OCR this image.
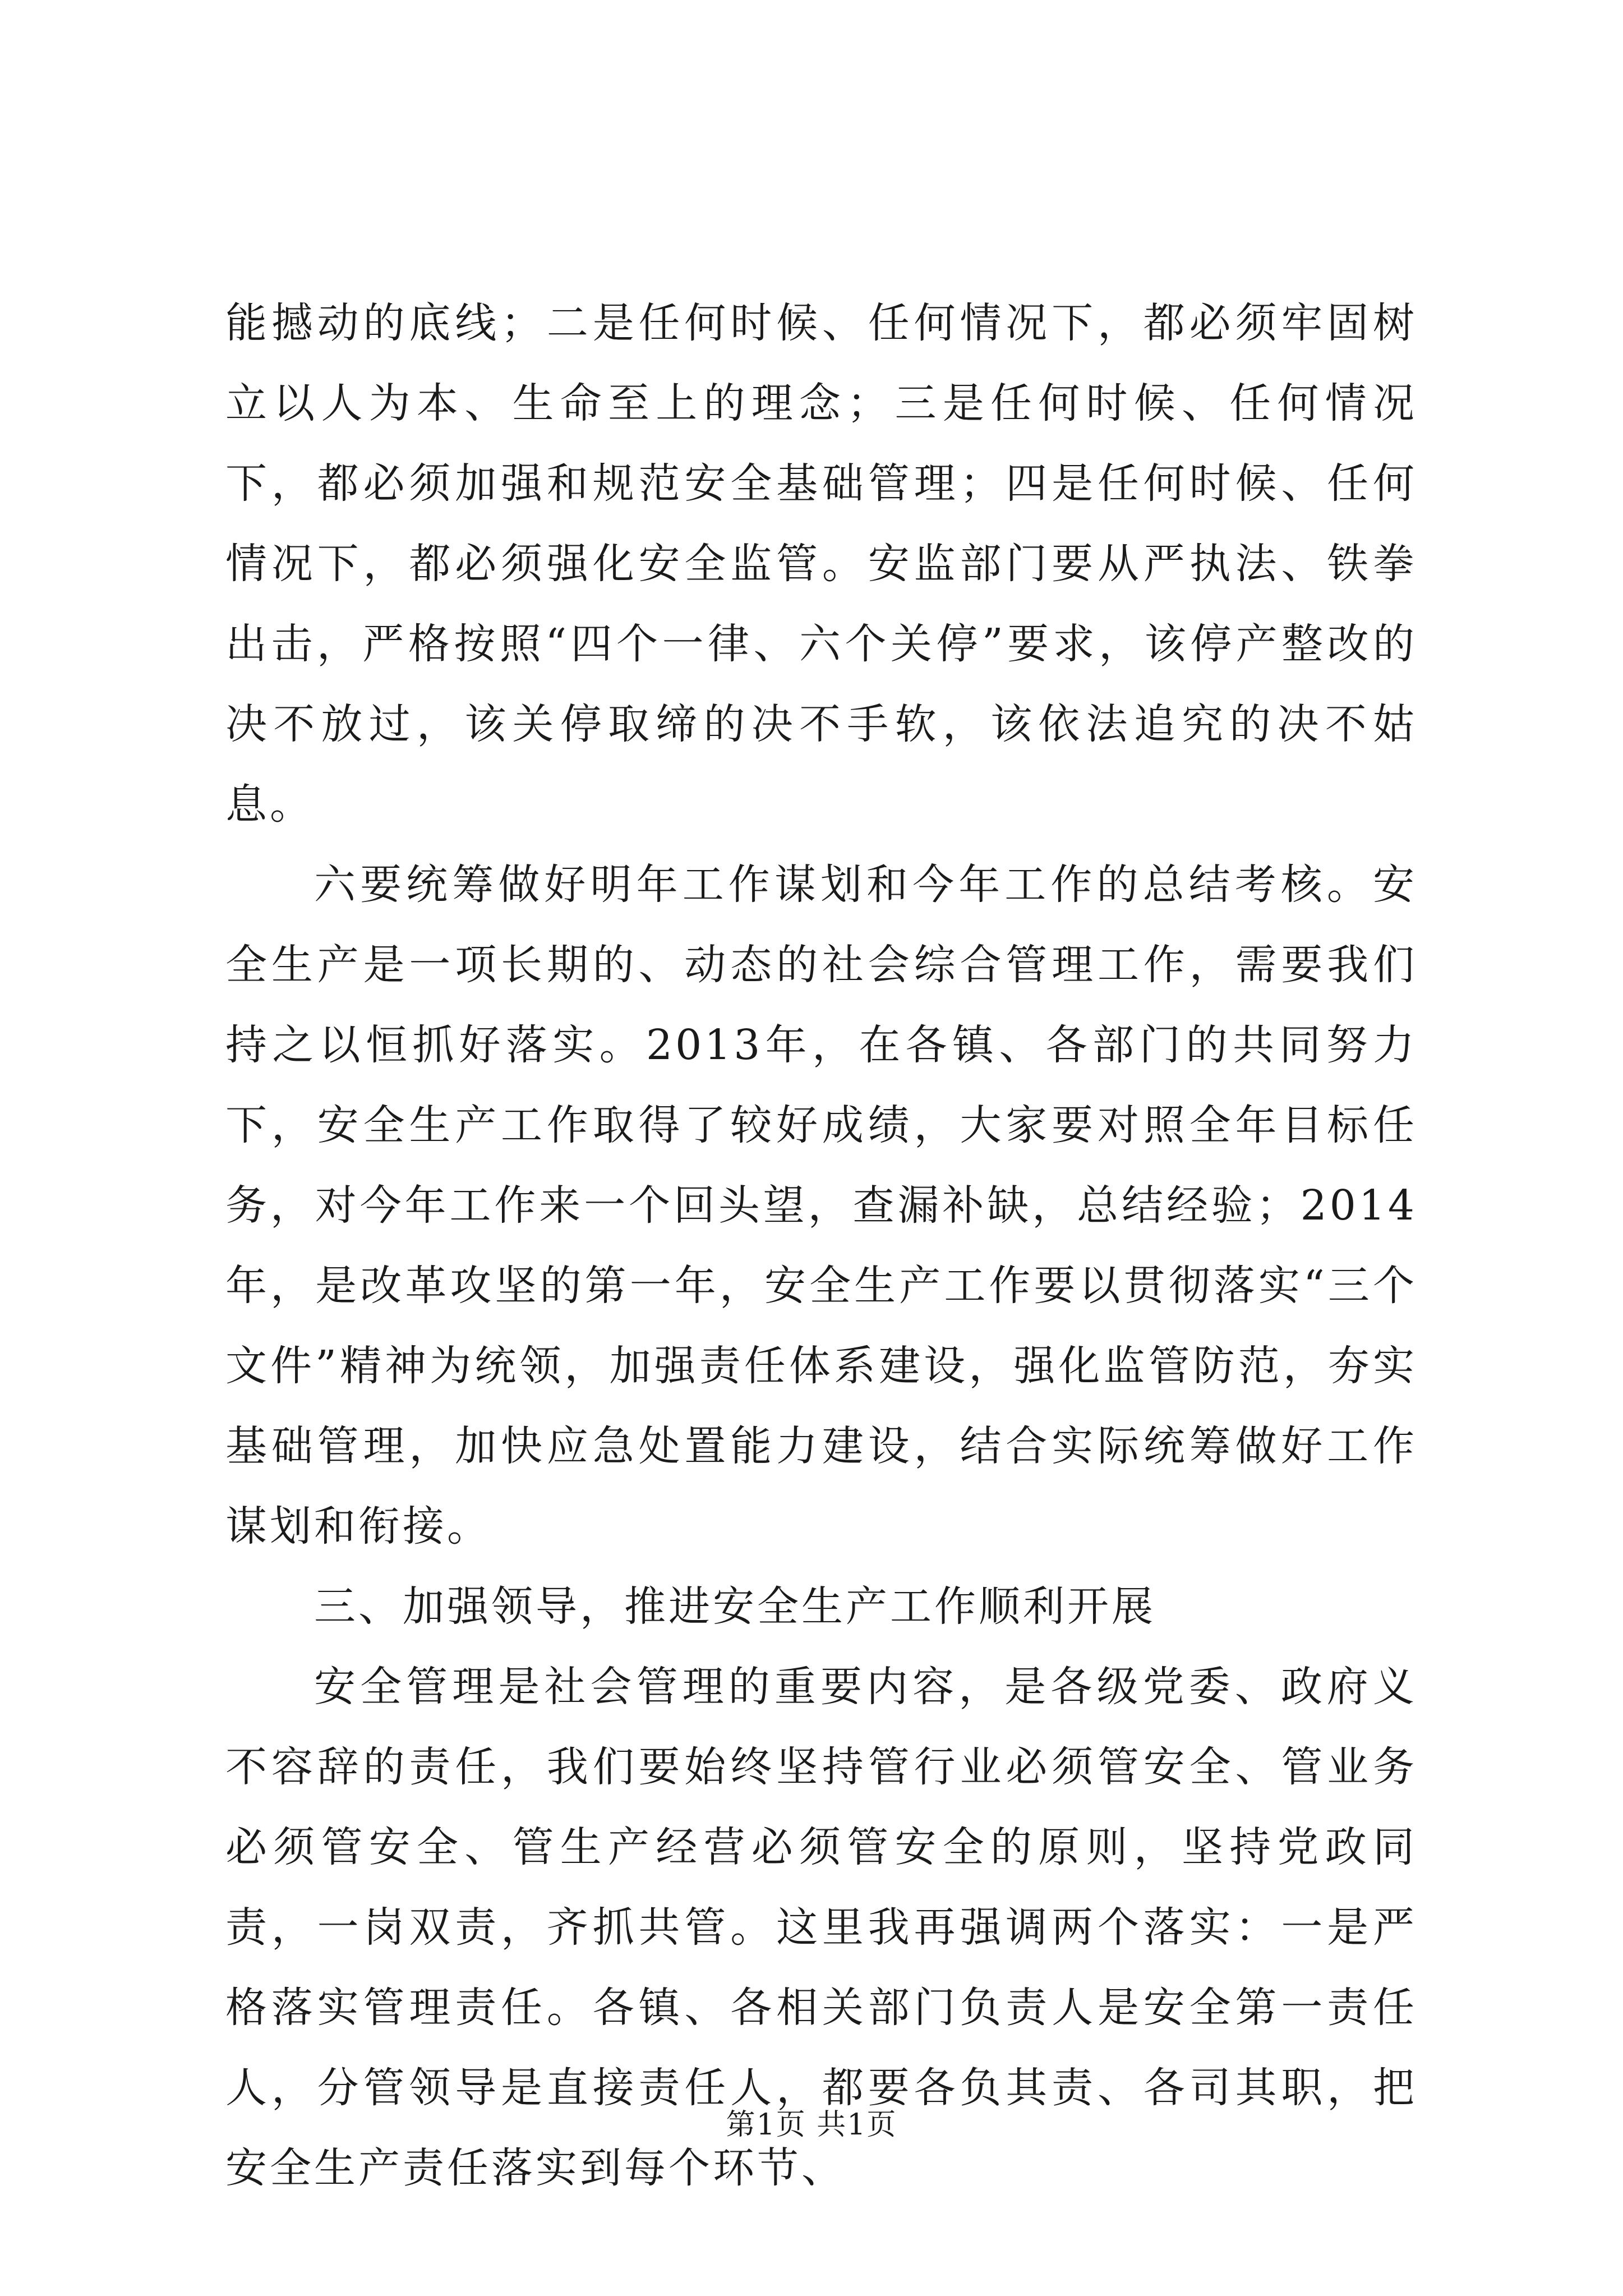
能撼动的底线；二是任何时候、任何情况下，都必须牢固树立以人为本、生命至上的理念；三是任何时候、任何情况下，都必须加强和规范安全基础管理；四是任何时候、任何情况下，都必须强化安全监管。安监部门要从严执法、铁拳出击，严格按照“四个一律、六个关停”要求，该停产整改的决不放过，该关停取缔的决不手软，该依法追究的决不姑息。

六要统筹做好明年工作谋划和今年工作的总结考核。安全生产是一项长期的、动态的社会综合管理工作，需要我们持之以恒抓好落实。2013年，在各镇、各部门的共同努力下，安全生产工作取得了较好成绩，大家要对照全年目标任务，对今年工作来一个回头望，查漏补缺，总结经验；2014年，是改革攻坚的第一年，安全生产工作要以贯彻落实“三个文件”精神为统领，加强责任体系建设，强化监管防范，夯实基础管理，加快应急处置能力建设，结合实际统筹做好工作谋划和衔接。

三、加强领导，推进安全生产工作顺利开展

安全管理是社会管理的重要内容，是各级党委、政府义不容辞的责任，我们要始终坚持管行业必须管安全、管业务必须管安全、管生产经营必须管安全的原则，坚持党政同责，一岗双责，齐抓共管。这里我再强调两个落实：一是严格落实管理责任。各镇、各相关部门负责人是安全第一责任人，分管领导是直接责任人，都要各负其责、各司其职，把安全生产责任落实到每个环节、

第1页 共1页
